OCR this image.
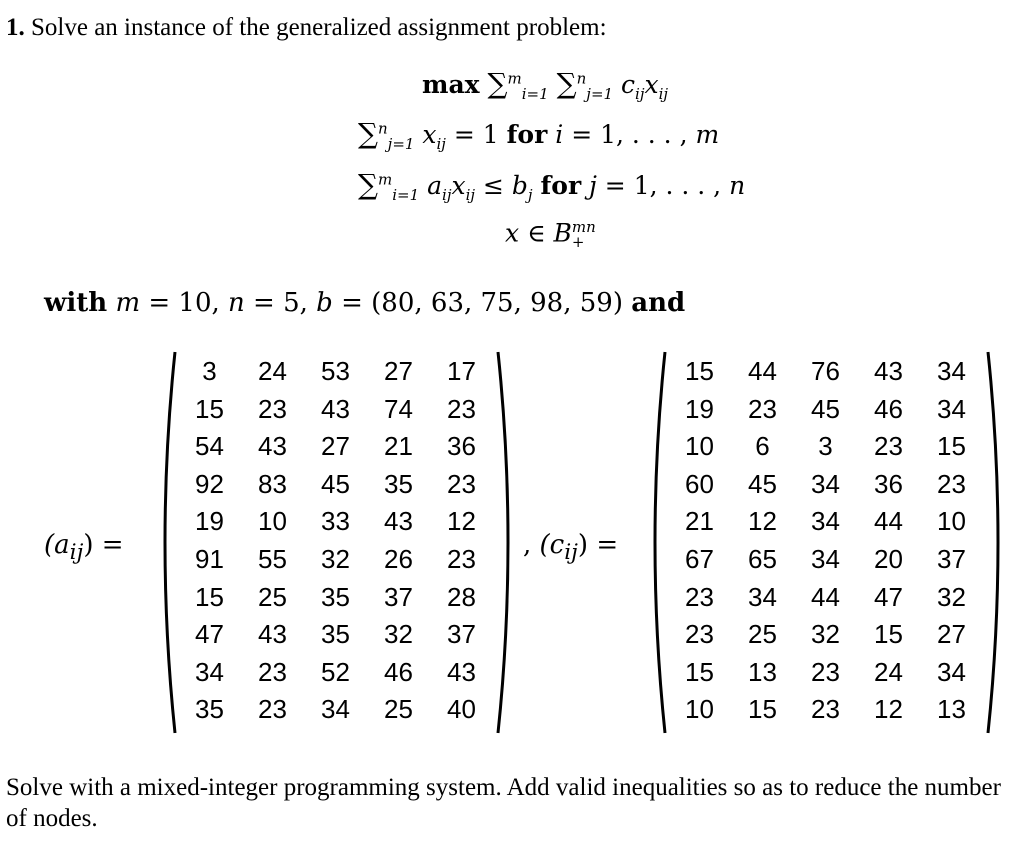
1. Solve an instance of the generalized assignment problem:
max ∑$^m_{i=1}$ ∑$^n_{j=1}$ $c_{ij}x_{ij}$
∑$^n_{j=1}$ $x_{ij} = 1$ for i = 1, . . . , m
∑$^m_{i=1}$ $a_{ij}x_{ij} \le b_j$ for j = 1, . . . , n
x ∈ B mn
+
with m = 10, n = 5, b = (80, 63, 75, 98, 59) and
$(a_{ij})$ =	, $(c_{ij})$ =
3	24	53	27	17
15	23	43	74	23
54	43	27	21	36
92	83	45	35	23
19	10	33	43	12
91	55	32	26	23
15	25	35	37	28
47	43	35	32	37
34	23	52	46	43
35	23	34	25	40
15	44	76	43	34
19	23	45	46	34
10	6	3	23	15
60	45	34	36	23
21	12	34	44	10
67	65	34	20	37
23	34	44	47	32
23	25	32	15	27
15	13	23	24	34
10	15	23	12	13
Solve with a mixed-integer programming system. Add valid inequalities so as to reduce the number of nodes.
